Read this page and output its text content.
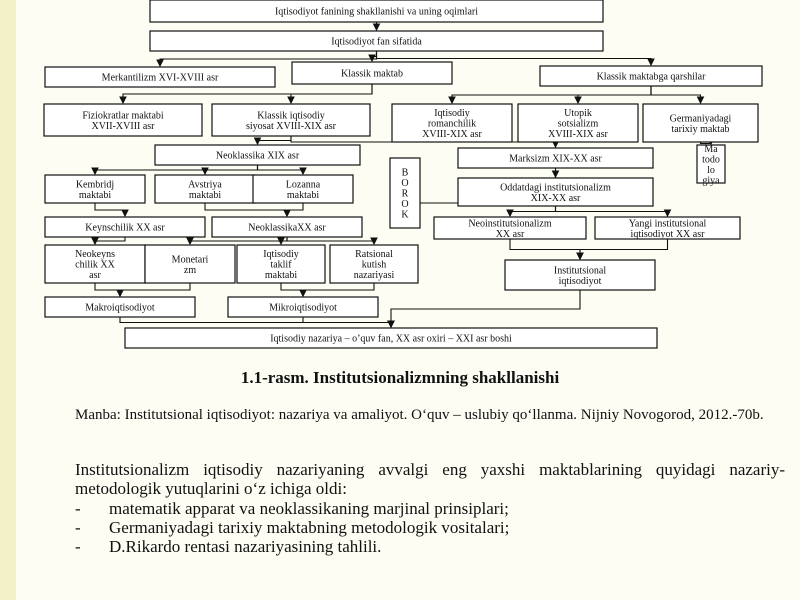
Iqtisodiyot fanining shakllanishi va uning oqimlari
Iqtisodiyot fan sifatida
Merkantilizm XVI-XVIII asr	Klassik maktab	Klassik maktabga qarshilar
Fiziokratlar maktabi
XVII-XVIII asr
Klassik iqtisodiy
siyosat XVIII-XIX asr
Iqtisodiy
romanchilik
XVIII-XIX asr
Utopik
sotsializm
XVIII-XIX asr
Germaniyadagi
tarixiy maktab
Neoklassika XIX asr	Marksizm XIX-XX asr
Ma
todo
lo
giya
Kembridj
maktabi
Avstriya
maktabi
Lozanna
maktabi
B
O
R
O
K
Oddatdagi institutsionalizm
XIX-XX asr
Keynschilik XX asr	NeoklassikaXX asr	Neoinstitutsionalizm
XX asr
Yangi institutsional
iqtisodiyot XX asr
Neokeyns
chilik XX
asr
Monetari
zm
Iqtisodiy
taklif
maktabi
Ratsional
kutish
nazariyasi	Institutsional
iqtisodiyot
Makroiqtisodiyot	Mikroiqtisodiyot
Iqtisodiy nazariya – o’quv fan, XX asr oxiri – XXI asr boshi
1.1-rasm. Institutsionalizmning shakllanishi
Manba: Institutsional iqtisodiyot: nazariya va amaliyot. O‘quv – uslubiy qo‘llanma. Nijniy Novogorod, 2012.-70b.
Institutsionalizm iqtisodiy nazariyaning avvalgi eng yaxshi maktablarining quyidagi nazariy-metodologik yutuqlarini o‘z ichiga oldi:
- matematik apparat va neoklassikaning marjinal prinsiplari;
- Germaniyadagi tarixiy maktabning metodologik vositalari;
- D.Rikardo rentasi nazariyasining tahlili.
